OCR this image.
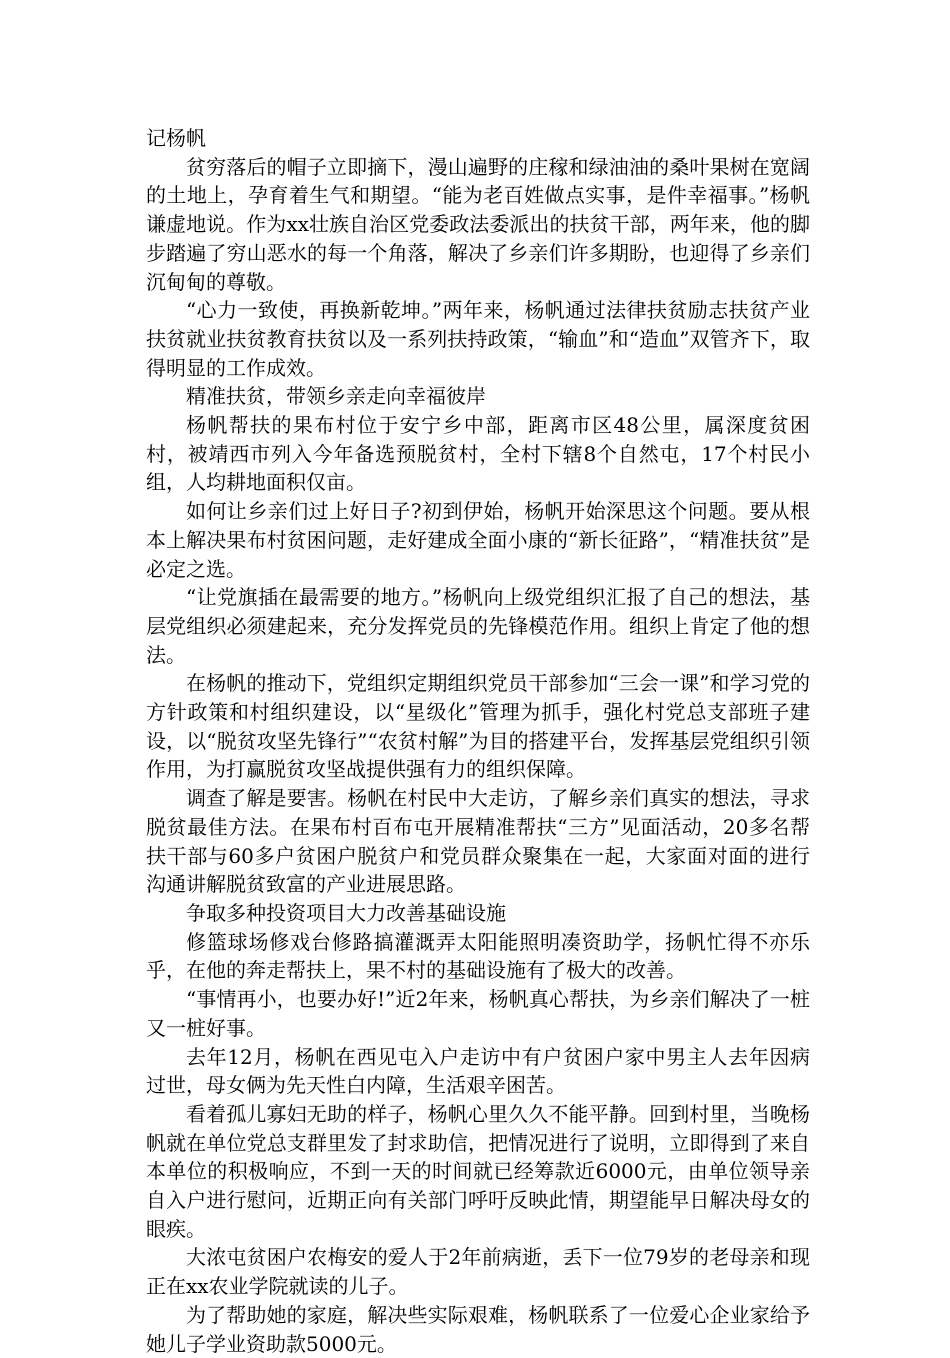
记杨帆

贫穷落后的帽子立即摘下，漫山遍野的庄稼和绿油油的桑叶果树在宽阔的土地上，孕育着生气和期望。“能为老百姓做点实事，是件幸福事。”杨帆谦虚地说。作为xx壮族自治区党委政法委派出的扶贫干部，两年来，他的脚步踏遍了穷山恶水的每一个角落，解决了乡亲们许多期盼，也迎得了乡亲们沉甸甸的尊敬。

“心力一致使，再换新乾坤。”两年来，杨帆通过法律扶贫励志扶贫产业扶贫就业扶贫教育扶贫以及一系列扶持政策，“输血”和“造血”双管齐下，取得明显的工作成效。

精准扶贫，带领乡亲走向幸福彼岸

杨帆帮扶的果布村位于安宁乡中部，距离市区48公里，属深度贫困村，被靖西市列入今年备选预脱贫村，全村下辖8个自然屯，17个村民小组，人均耕地面积仅亩。

如何让乡亲们过上好日子?初到伊始，杨帆开始深思这个问题。要从根本上解决果布村贫困问题，走好建成全面小康的“新长征路”，“精准扶贫”是必定之选。

“让党旗插在最需要的地方。”杨帆向上级党组织汇报了自己的想法，基层党组织必须建起来，充分发挥党员的先锋模范作用。组织上肯定了他的想法。

在杨帆的推动下，党组织定期组织党员干部参加“三会一课”和学习党的方针政策和村组织建设，以“星级化”管理为抓手，强化村党总支部班子建设，以“脱贫攻坚先锋行”“农贫村解”为目的搭建平台，发挥基层党组织引领作用，为打赢脱贫攻坚战提供强有力的组织保障。

调查了解是要害。杨帆在村民中大走访，了解乡亲们真实的想法，寻求脱贫最佳方法。在果布村百布屯开展精准帮扶“三方”见面活动，20多名帮扶干部与60多户贫困户脱贫户和党员群众聚集在一起，大家面对面的进行沟通讲解脱贫致富的产业进展思路。

争取多种投资项目大力改善基础设施

修篮球场修戏台修路搞灌溉弄太阳能照明凑资助学，扬帆忙得不亦乐乎，在他的奔走帮扶上，果不村的基础设施有了极大的改善。

“事情再小，也要办好!”近2年来，杨帆真心帮扶，为乡亲们解决了一桩又一桩好事。

去年12月，杨帆在西见屯入户走访中有户贫困户家中男主人去年因病过世，母女俩为先天性白内障，生活艰辛困苦。

看着孤儿寡妇无助的样子，杨帆心里久久不能平静。回到村里，当晚杨帆就在单位党总支群里发了封求助信，把情况进行了说明，立即得到了来自本单位的积极响应，不到一天的时间就已经筹款近6000元，由单位领导亲自入户进行慰问，近期正向有关部门呼吁反映此情，期望能早日解决母女的眼疾。

大浓屯贫困户农梅安的爱人于2年前病逝，丢下一位79岁的老母亲和现正在xx农业学院就读的儿子。

为了帮助她的家庭，解决些实际艰难，杨帆联系了一位爱心企业家给予她儿子学业资助款5000元。
